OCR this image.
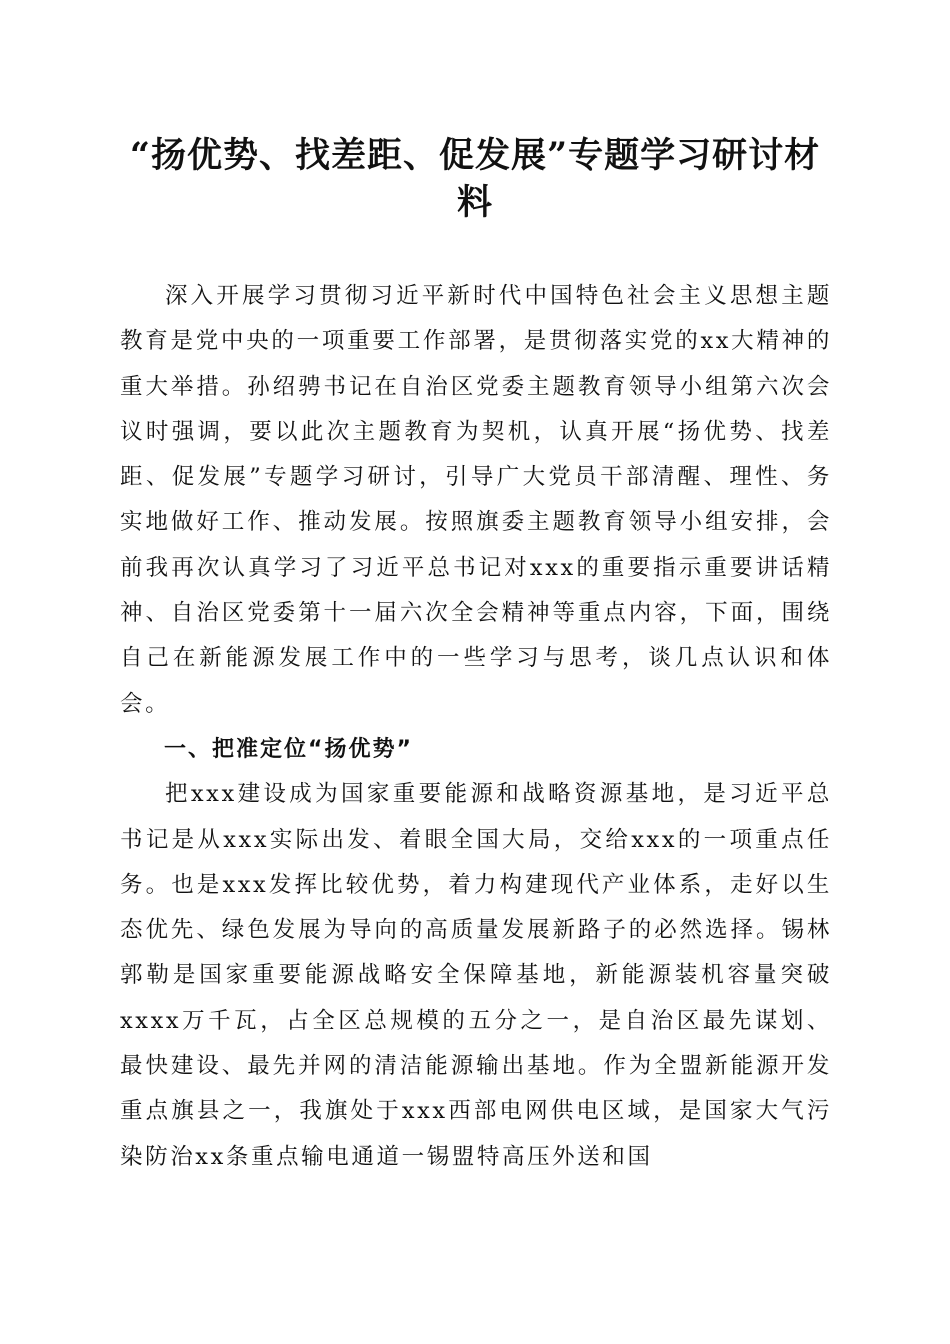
“扬优势、找差距、促发展”专题学习研讨材料

深入开展学习贯彻习近平新时代中国特色社会主义思想主题教育是党中央的一项重要工作部署，是贯彻落实党的xx大精神的重大举措。孙绍骋书记在自治区党委主题教育领导小组第六次会议时强调，要以此次主题教育为契机，认真开展“扬优势、找差距、促发展”专题学习研讨，引导广大党员干部清醒、理性、务实地做好工作、推动发展。按照旗委主题教育领导小组安排，会前我再次认真学习了习近平总书记对xxx的重要指示重要讲话精神、自治区党委第十一届六次全会精神等重点内容，下面，围绕自己在新能源发展工作中的一些学习与思考，谈几点认识和体会。

一、把准定位“扬优势”

把xxx建设成为国家重要能源和战略资源基地，是习近平总书记是从xxx实际出发、着眼全国大局，交给xxx的一项重点任务。也是xxx发挥比较优势，着力构建现代产业体系，走好以生态优先、绿色发展为导向的高质量发展新路子的必然选择。锡林郭勒是国家重要能源战略安全保障基地，新能源装机容量突破xxxx万千瓦，占全区总规模的五分之一，是自治区最先谋划、最快建设、最先并网的清洁能源输出基地。作为全盟新能源开发重点旗县之一，我旗处于xxx西部电网供电区域，是国家大气污染防治xx条重点输电通道一锡盟特高压外送和国
